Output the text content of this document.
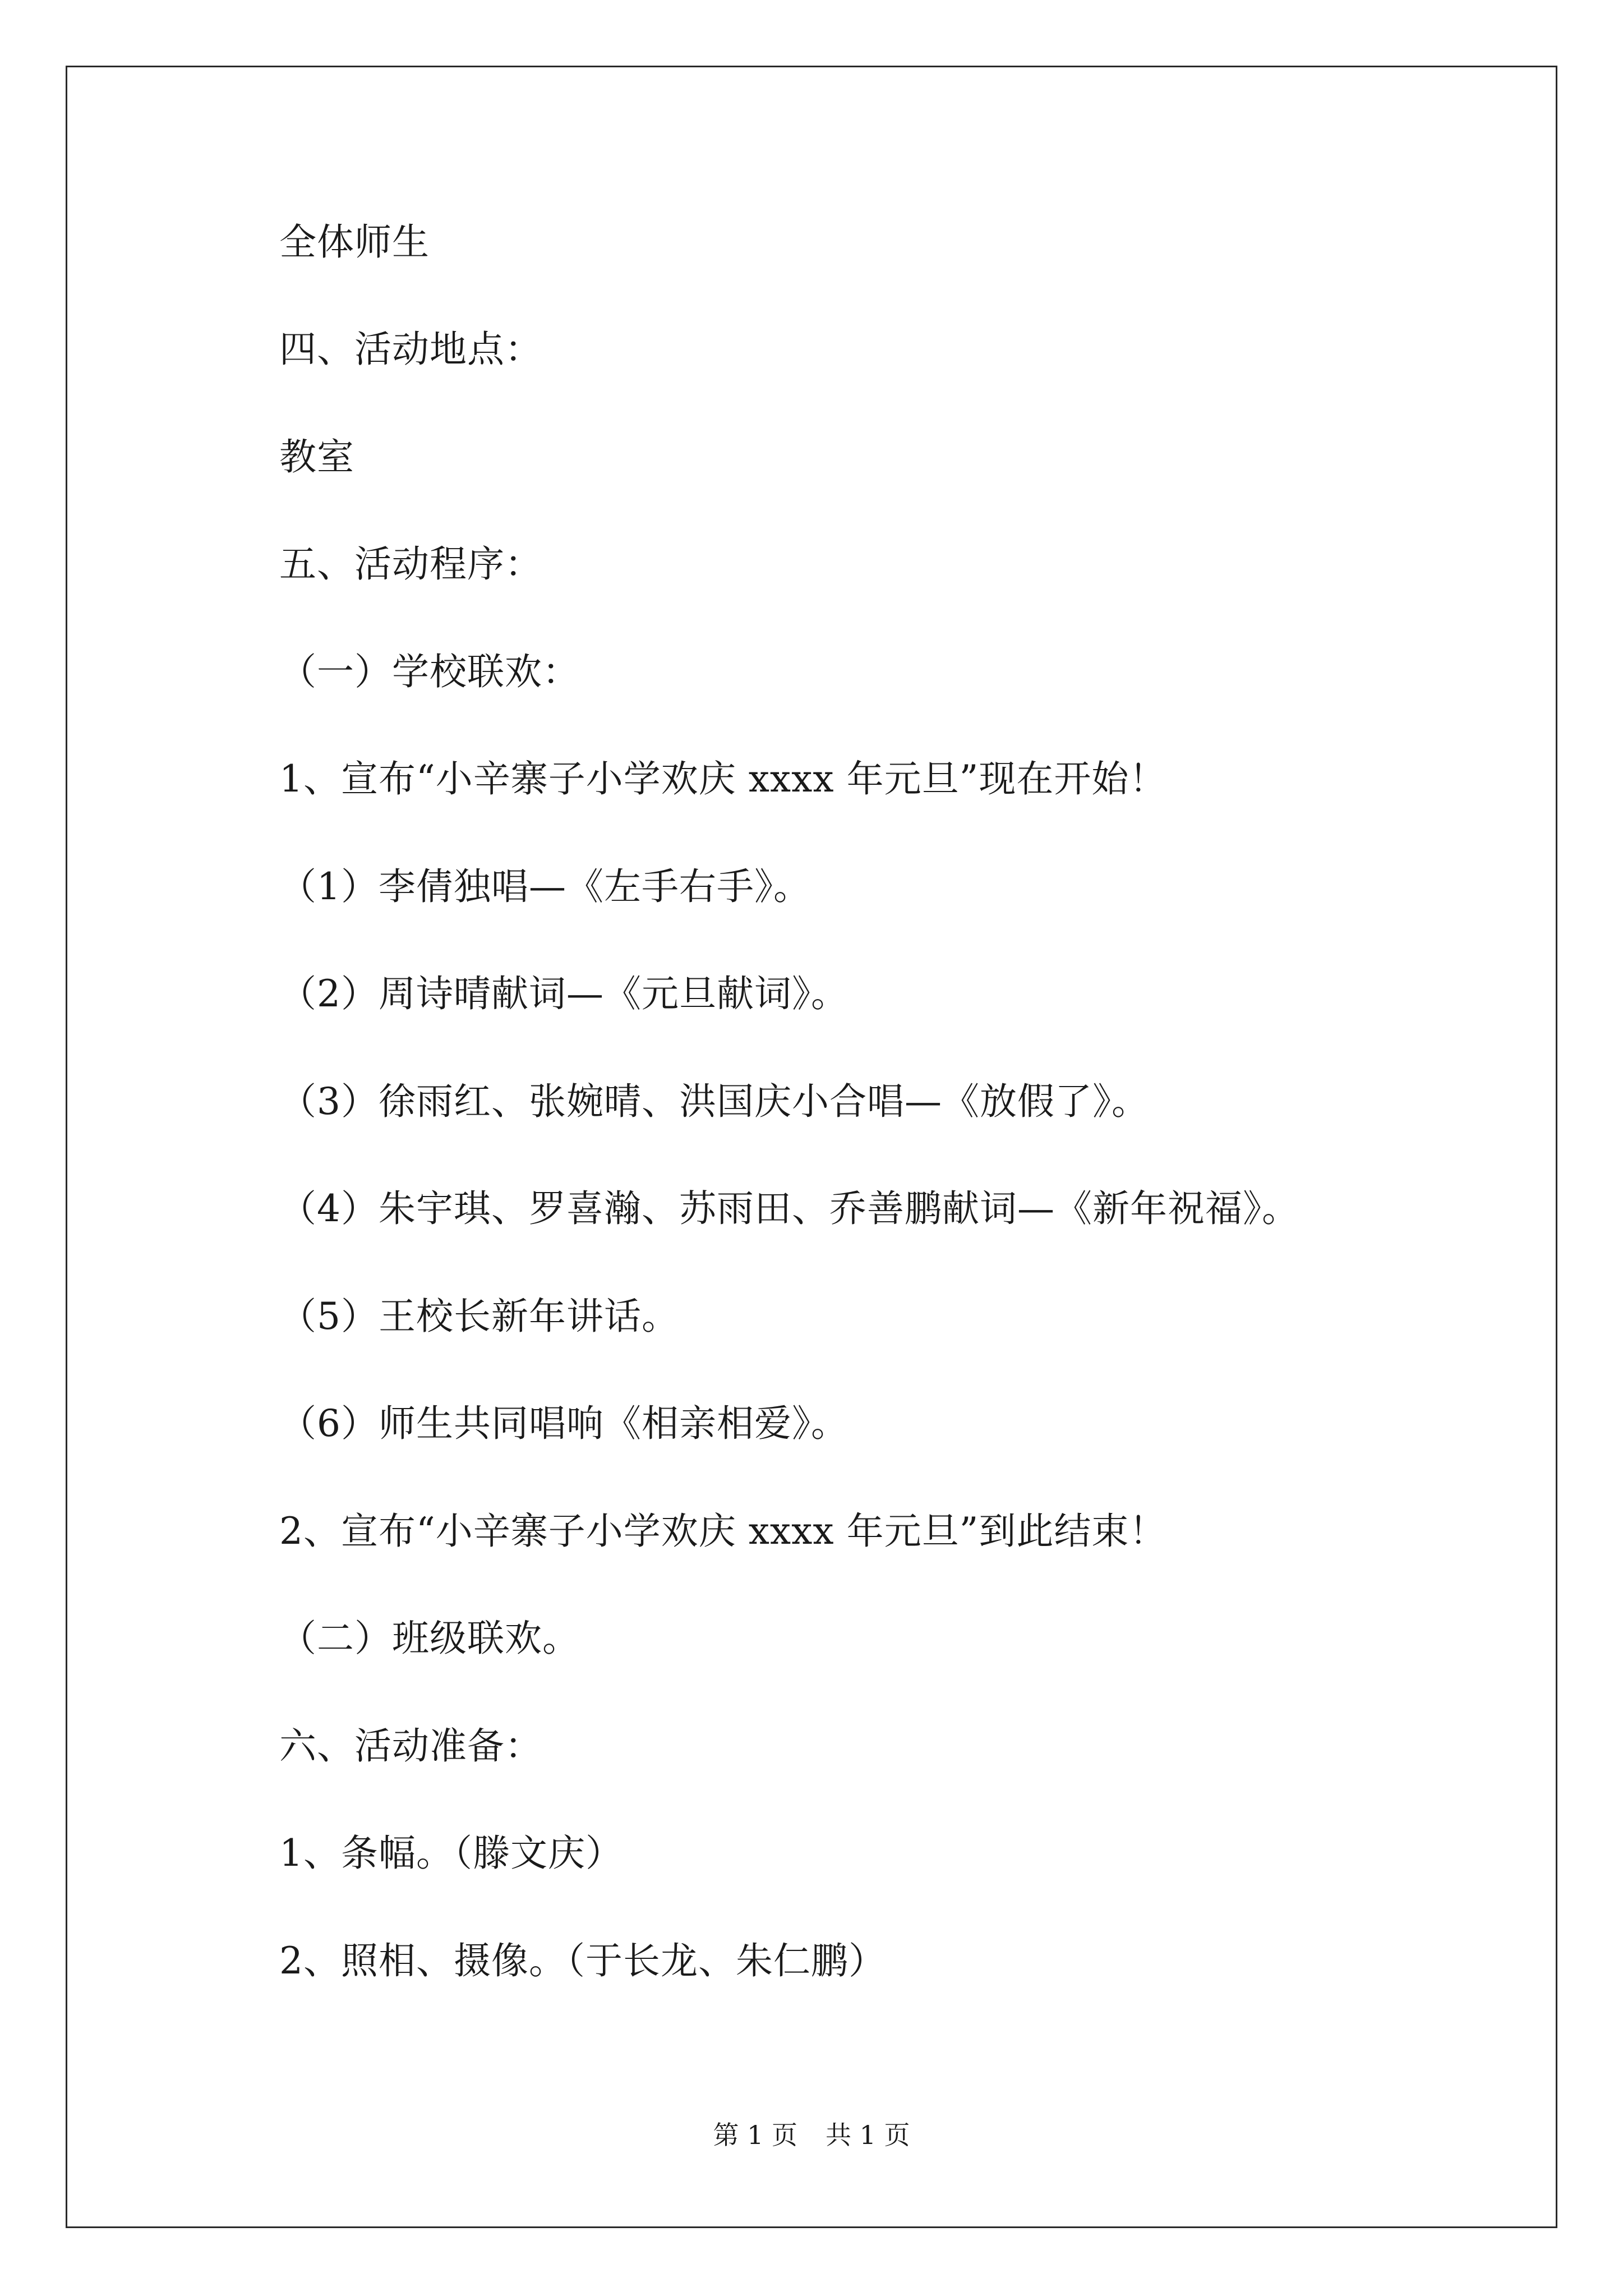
全体师生
四、活动地点：
教室
五、活动程序：
（一）学校联欢：
1、宣布“小辛寨子小学欢庆 xxxx 年元旦”现在开始！
（1）李倩独唱—《左手右手》。
（2）周诗晴献词—《元旦献词》。
（3）徐雨红、张婉晴、洪国庆小合唱—《放假了》。
（4）朱宇琪、罗喜瀚、苏雨田、乔善鹏献词—《新年祝福》。
（5）王校长新年讲话。
（6）师生共同唱响《相亲相爱》。
2、宣布“小辛寨子小学欢庆 xxxx 年元旦”到此结束！
（二）班级联欢。
六、活动准备：
1、条幅。（滕文庆）
2、照相、摄像。（于长龙、朱仁鹏）
第 1 页 共 1 页
